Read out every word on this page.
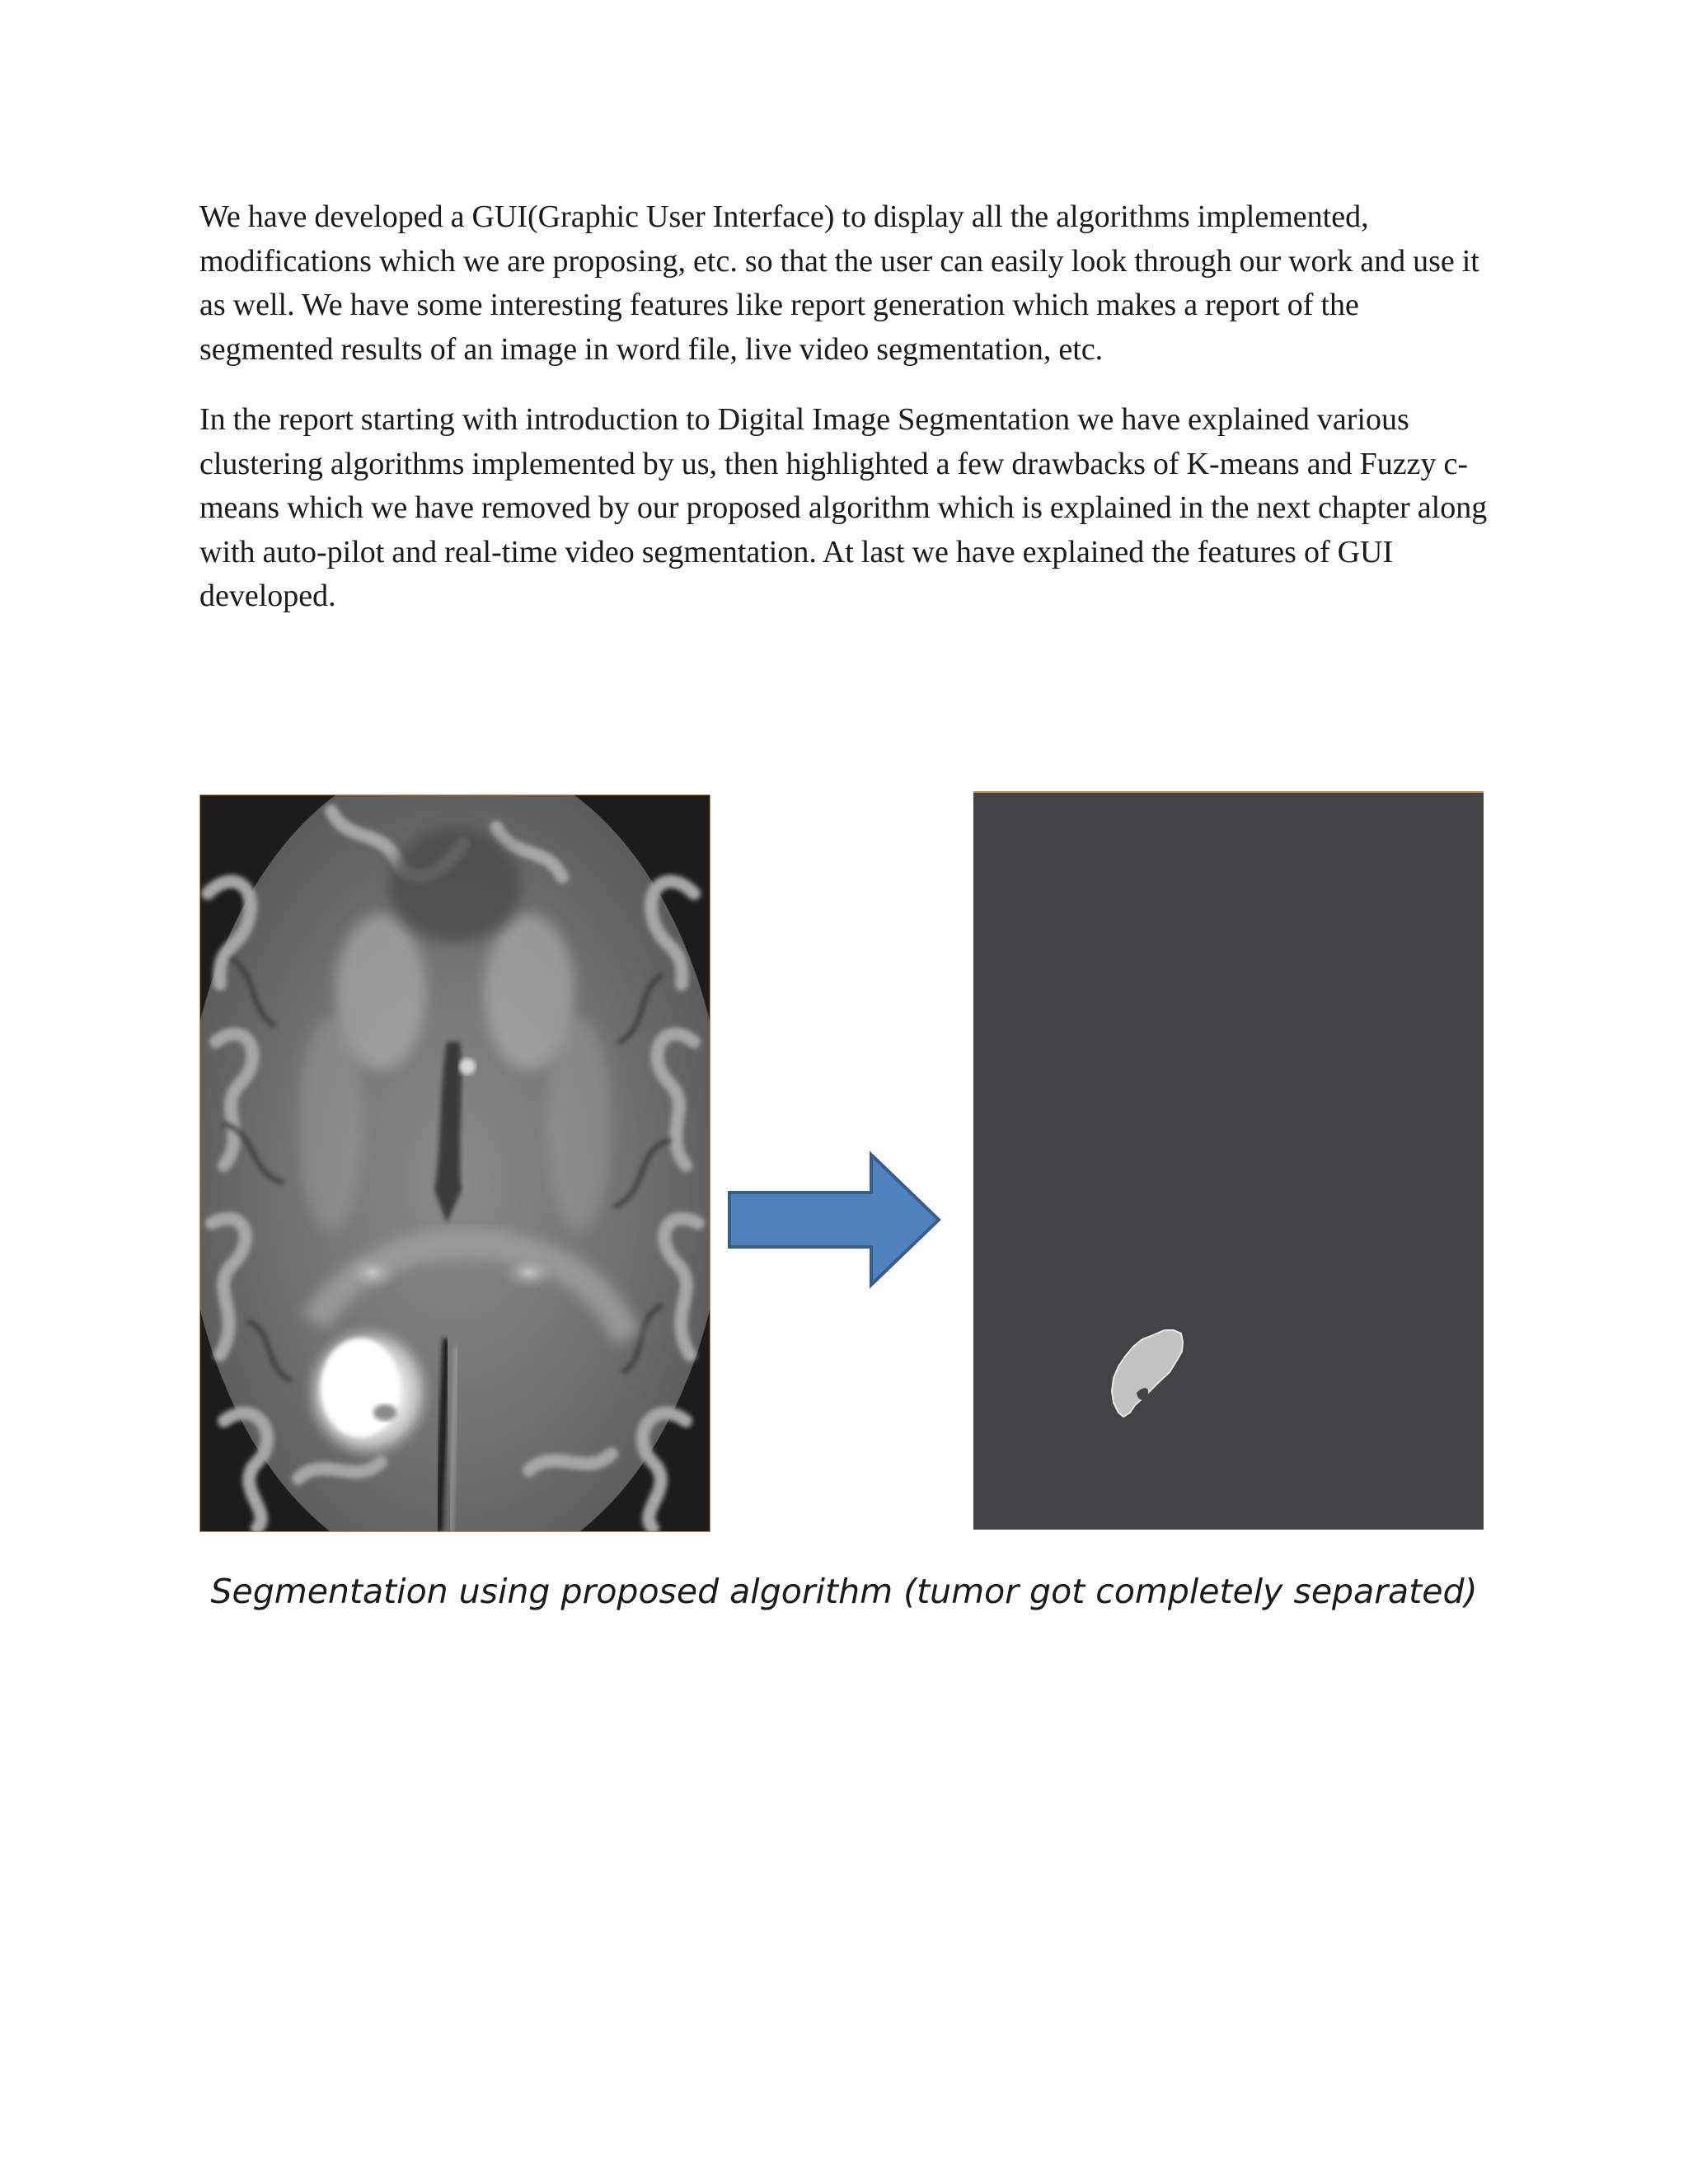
We have developed a GUI(Graphic User Interface) to display all the algorithms implemented, modifications which we are proposing, etc. so that the user can easily look through our work and use it as well. We have some interesting features like report generation which makes a report of the segmented results of an image in word file, live video segmentation, etc.

In the report starting with introduction to Digital Image Segmentation we have explained various clustering algorithms implemented by us, then highlighted a few drawbacks of K-means and Fuzzy c-means which we have removed by our proposed algorithm which is explained in the next chapter along with auto-pilot and real-time video segmentation. At last we have explained the features of GUI developed.

Segmentation using proposed algorithm (tumor got completely separated)
